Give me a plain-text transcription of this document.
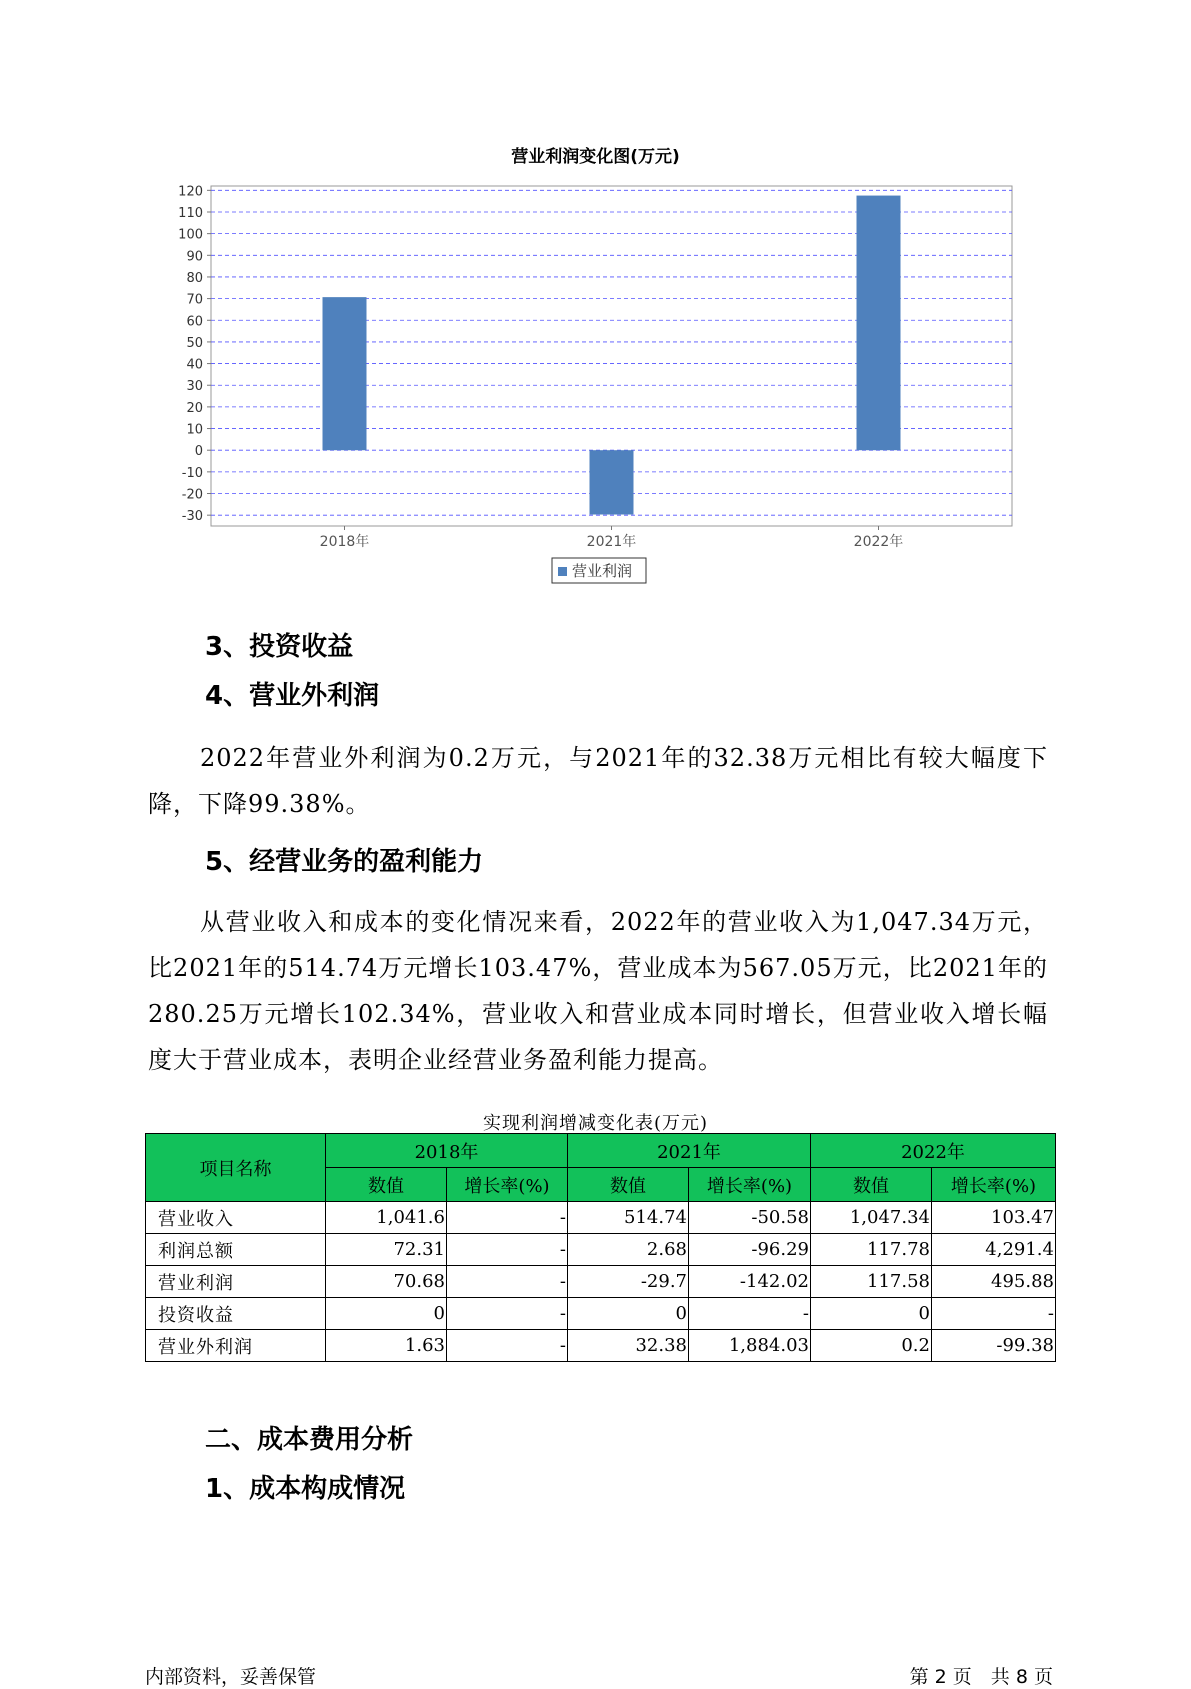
营业利润变化图(万元)
120
110
100
90
80
70
60
50
40
30
20
10
0
-10
-20
-30
2018年	2021年	2022年
营业利润
3、投资收益
4、营业外利润
2022年营业外利润为0.2万元，与2021年的32.38万元相比有较大幅度下降，下降99.38%。
5、经营业务的盈利能力
从营业收入和成本的变化情况来看，2022年的营业收入为1,047.34万元，比2021年的514.74万元增长103.47%，营业成本为567.05万元，比2021年的280.25万元增长102.34%，营业收入和营业成本同时增长，但营业收入增长幅度大于营业成本，表明企业经营业务盈利能力提高。
实现利润增减变化表(万元)
项目名称	2018年		2021年		2022年	
	数值	增长率(%)	数值	增长率(%)	数值	增长率(%)
营业收入	1,041.6	-	514.74	-50.58	1,047.34	103.47
利润总额	72.31	-	2.68	-96.29	117.78	4,291.4
营业利润	70.68	-	-29.7	-142.02	117.58	495.88
投资收益	0	-	0	-	0	-
营业外利润	1.63	-	32.38	1,884.03	0.2	-99.38
二、成本费用分析
1、成本构成情况
内部资料，妥善保管	第 2 页　共 8 页
